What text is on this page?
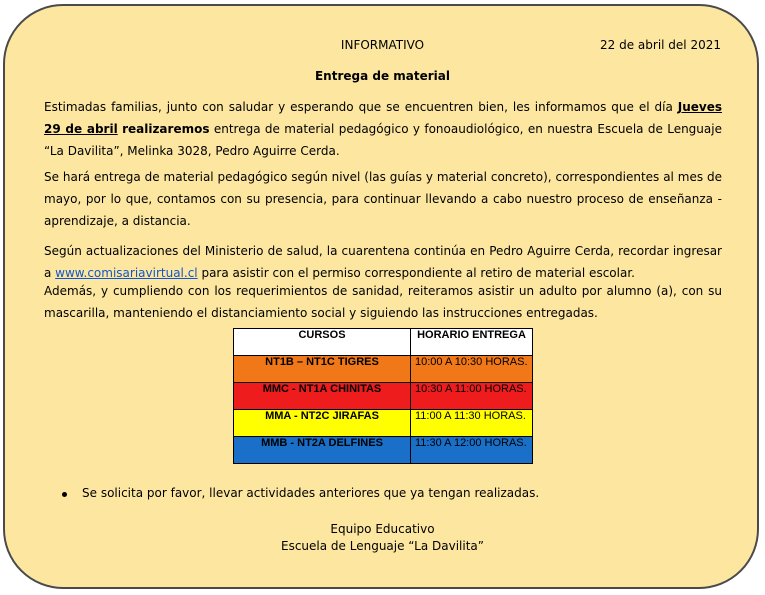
INFORMATIVO	22 de abril del 2021
Entrega de material
Estimadas familias, junto con saludar y esperando que se encuentren bien, les informamos que el día Jueves 29 de abril realizaremos entrega de material pedagógico y fonoaudiológico, en nuestra Escuela de Lenguaje “La Davilita”, Melinka 3028, Pedro Aguirre Cerda.
Se hará entrega de material pedagógico según nivel (las guías y material concreto), correspondientes al mes de mayo, por lo que, contamos con su presencia, para continuar llevando a cabo nuestro proceso de enseñanza - aprendizaje, a distancia.
Según actualizaciones del Ministerio de salud, la cuarentena continúa en Pedro Aguirre Cerda, recordar ingresar a www.comisariavirtual.cl para asistir con el permiso correspondiente al retiro de material escolar.
Además, y cumpliendo con los requerimientos de sanidad, reiteramos asistir un adulto por alumno (a), con su mascarilla, manteniendo el distanciamiento social y siguiendo las instrucciones entregadas.
CURSOS	HORARIO ENTREGA
NT1B – NT1C TIGRES	10:00 A 10:30 HORAS.
MMC - NT1A CHINITAS	10:30 A 11:00 HORAS.
MMA - NT2C JIRAFAS	11:00 A 11:30 HORAS.
MMB - NT2A DELFINES	11:30 A 12:00 HORAS.
Se solicita por favor, llevar actividades anteriores que ya tengan realizadas.
Equipo Educativo
Escuela de Lenguaje “La Davilita”
